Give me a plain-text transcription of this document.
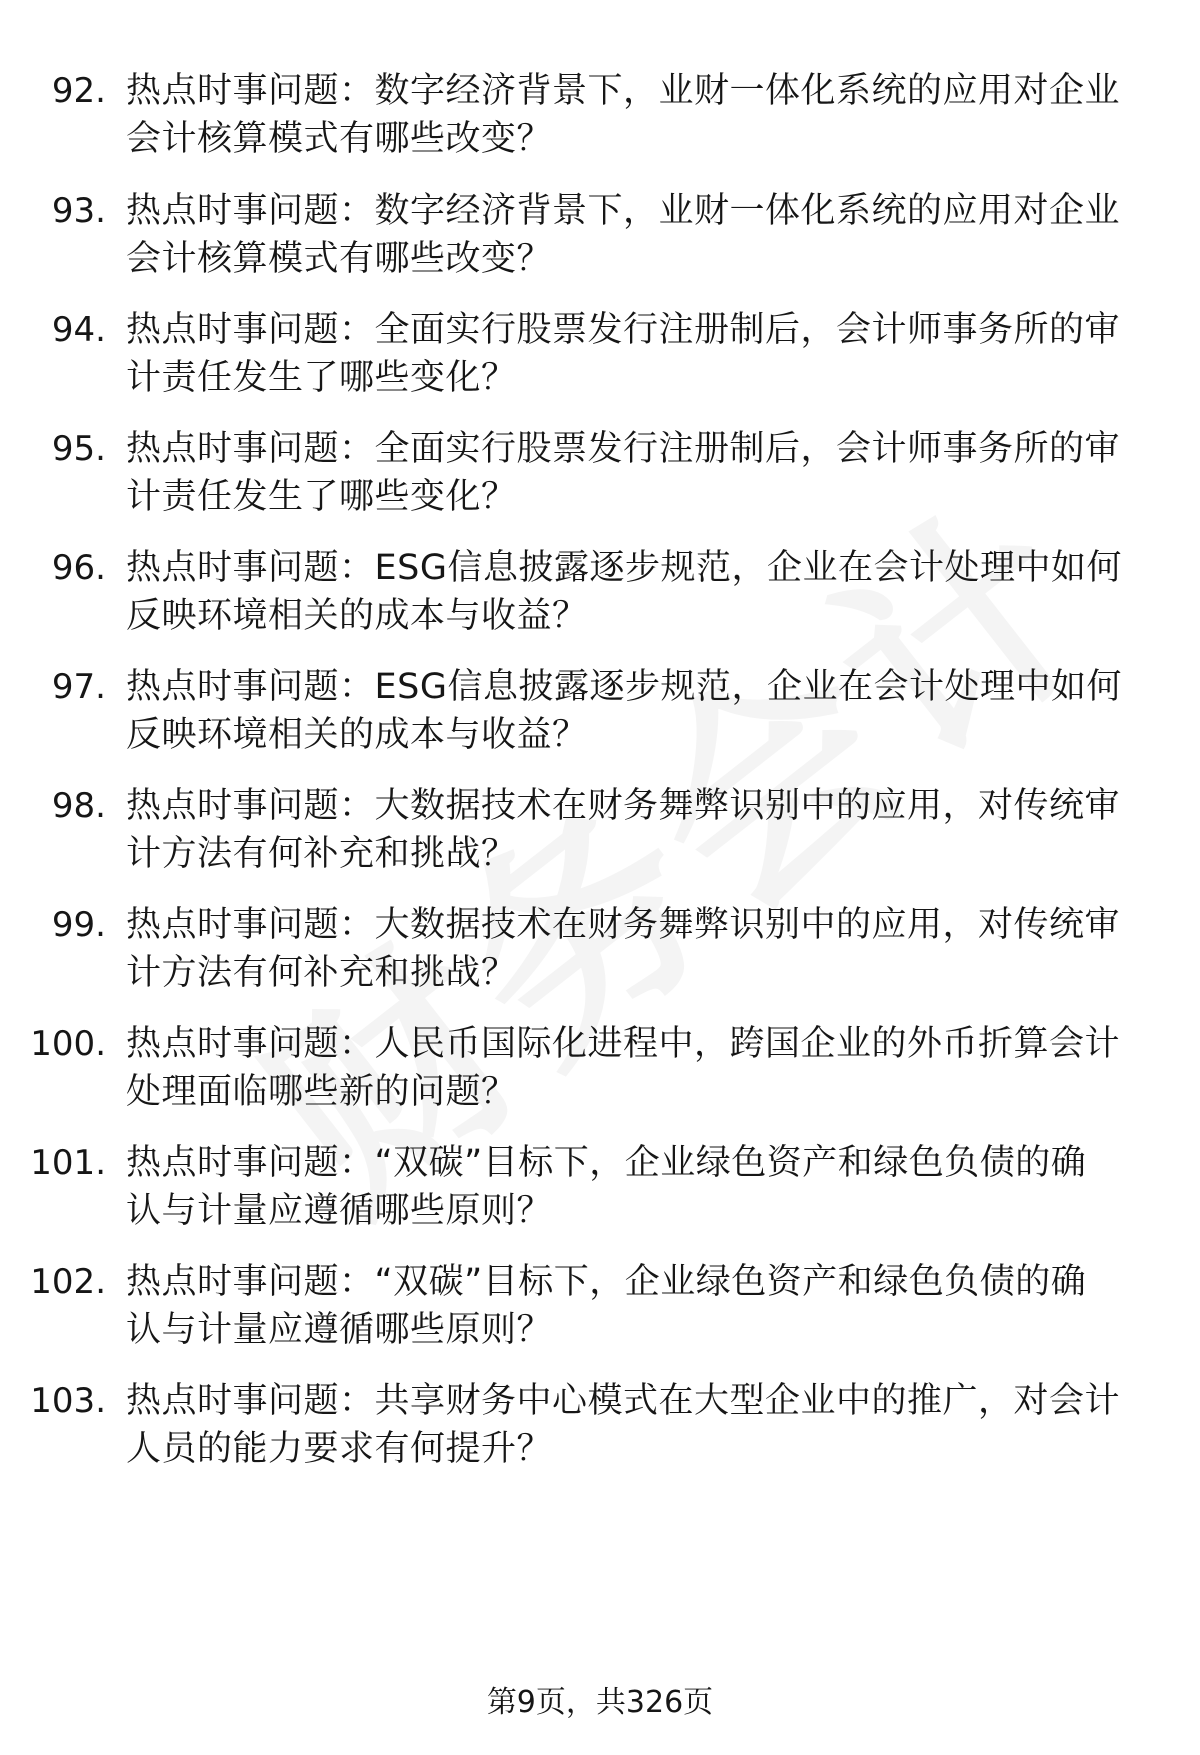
92. 热点时事问题：数字经济背景下，业财一体化系统的应用对企业
会计核算模式有哪些改变？
93. 热点时事问题：数字经济背景下，业财一体化系统的应用对企业
会计核算模式有哪些改变？
94. 热点时事问题：全面实行股票发行注册制后，会计师事务所的审
计责任发生了哪些变化？
95. 热点时事问题：全面实行股票发行注册制后，会计师事务所的审
计责任发生了哪些变化？
96. 热点时事问题：ESG信息披露逐步规范，企业在会计处理中如何
反映环境相关的成本与收益？
97. 热点时事问题：ESG信息披露逐步规范，企业在会计处理中如何
反映环境相关的成本与收益？
98. 热点时事问题：大数据技术在财务舞弊识别中的应用，对传统审
计方法有何补充和挑战？
99. 热点时事问题：大数据技术在财务舞弊识别中的应用，对传统审
计方法有何补充和挑战？
100. 热点时事问题：人民币国际化进程中，跨国企业的外币折算会计
处理面临哪些新的问题？
101. 热点时事问题：“双碳”目标下，企业绿色资产和绿色负债的确
认与计量应遵循哪些原则？
102. 热点时事问题：“双碳”目标下，企业绿色资产和绿色负债的确
认与计量应遵循哪些原则？
103. 热点时事问题：共享财务中心模式在大型企业中的推广，对会计
人员的能力要求有何提升？
第9页，共326页
